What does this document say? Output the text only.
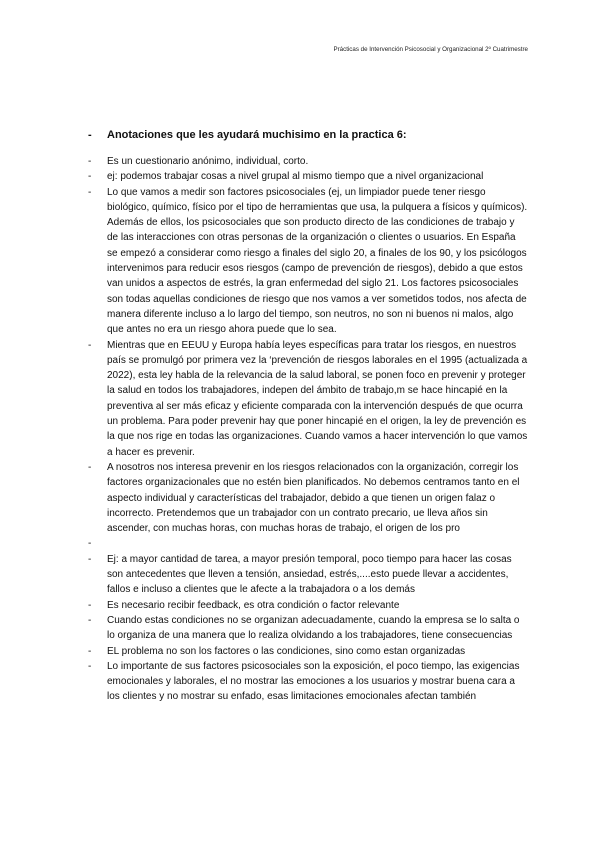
Prácticas de Intervención Psicosocial y Organizacional 2º Cuatrimestre
-	Anotaciones que les ayudará muchisimo en la practica 6:
-	Es un cuestionario anónimo, individual, corto.
-	ej: podemos trabajar cosas a nivel grupal al mismo tiempo que a nivel organizacional
-	Lo que vamos a medir son factores psicosociales (ej, un limpiador puede tener riesgo biológico, químico, físico por el tipo de herramientas que usa, la pulquera a físicos y químicos). Además de ellos, los psicosociales que son producto directo de las condiciones de trabajo y de las interacciones con otras personas de la organización o clientes o usuarios. En España se empezó a considerar como riesgo a finales del siglo 20, a finales de los 90, y los psicólogos intervenimos para reducir esos riesgos (campo de prevención de riesgos), debido a que estos van unidos a aspectos de estrés, la gran enfermedad del siglo 21. Los factores psicosociales son todas aquellas condiciones de riesgo que nos vamos a ver sometidos todos, nos afecta de manera diferente incluso a lo largo del tiempo, son neutros, no son ni buenos ni malos, algo que antes no era un riesgo ahora puede que lo sea.
-	Mientras que en EEUU y Europa había leyes específicas para tratar los riesgos, en nuestros país se promulgó por primera vez la ‘prevención de riesgos laborales en el 1995 (actualizada a 2022), esta ley habla de la relevancia de la salud laboral, se ponen foco en prevenir y proteger la salud en todos los trabajadores, indepen del ámbito de trabajo,m se hace hincapié en la preventiva al ser más eficaz y eficiente comparada con la intervención después de que ocurra un problema. Para poder prevenir hay que poner hincapié en el origen, la ley de prevención es la que nos rige en todas las organizaciones. Cuando vamos a hacer intervención lo que vamos a hacer es prevenir.
-	A nosotros nos interesa prevenir en los riesgos relacionados con la organización, corregir los factores organizacionales que no estén bien planificados. No debemos centramos tanto en el aspecto individual y características del trabajador, debido a que tienen un origen falaz o incorrecto. Pretendemos que un trabajador con un contrato precario, ue lleva años sin ascender, con muchas horas, con muchas horas de trabajo, el origen de los pro
-
-	Ej: a mayor cantidad de tarea, a mayor presión temporal, poco tiempo para hacer las cosas son antecedentes que lleven a tensión, ansiedad, estrés,....esto puede llevar a accidentes, fallos e incluso a clientes que le afecte a la trabajadora o a los demás
-	Es necesario recibir feedback, es otra condición o factor relevante
-	Cuando estas condiciones no se organizan adecuadamente, cuando la empresa se lo salta o lo organiza de una manera que lo realiza olvidando a los trabajadores, tiene consecuencias
-	EL problema no son los factores o las condiciones, sino como estan organizadas
-	Lo importante de sus factores psicosociales son la exposición, el poco tiempo, las exigencias emocionales y laborales, el no mostrar las emociones a los usuarios y mostrar buena cara a los clientes y no mostrar su enfado, esas limitaciones emocionales afectan también
